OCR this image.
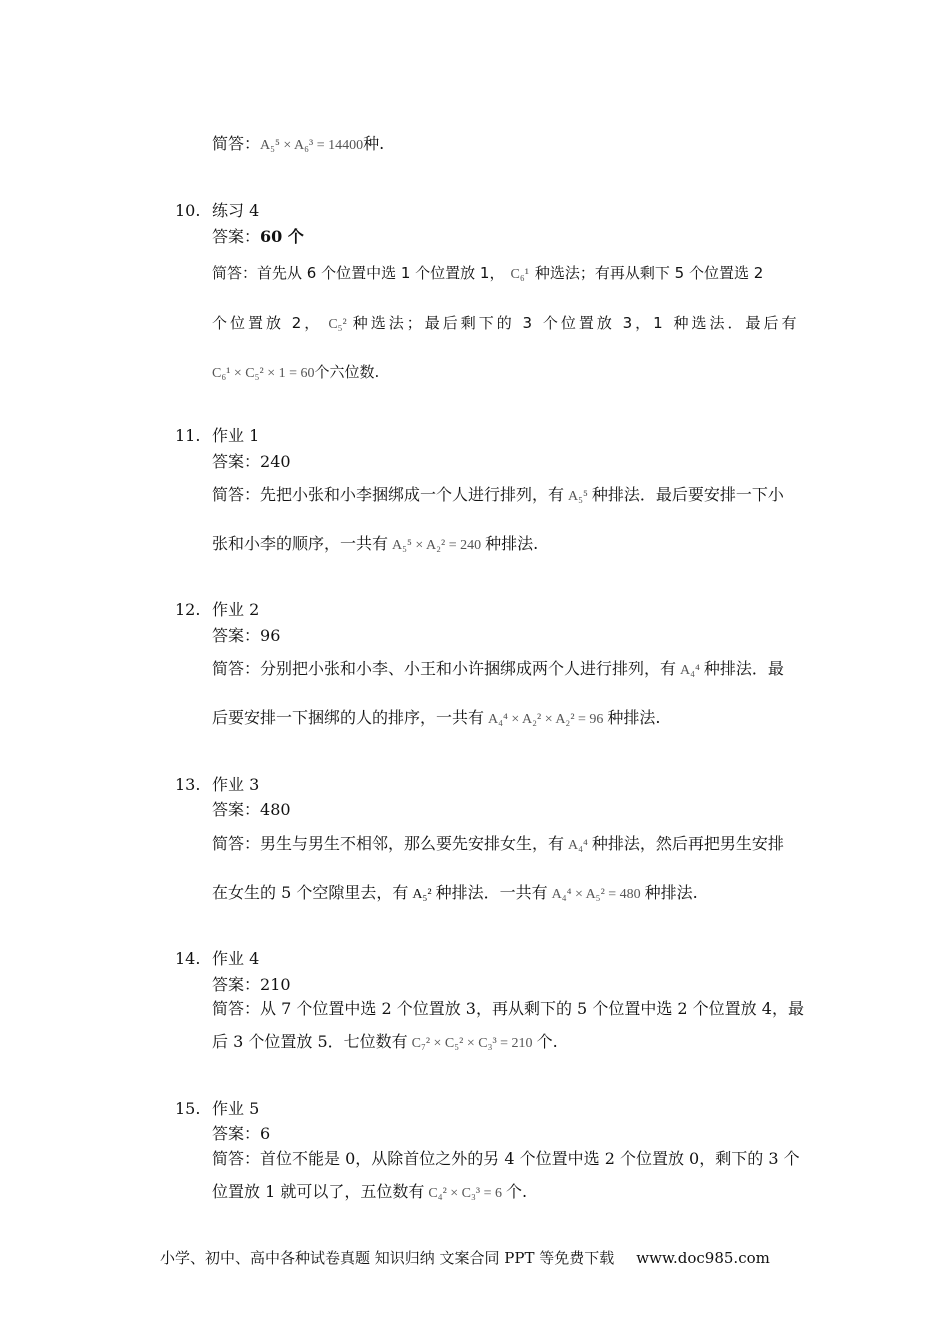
简答：A₅⁵ × A₆³ = 14400种.
10. 练习 4
答案：60 个
简答：首先从 6 个位置中选 1 个位置放 1， C₆¹ 种选法；有再从剩下 5 个位置选 2
个位置放 2， C₅² 种选法；最后剩下的 3 个位置放 3，1 种选法．最后有
C₆¹ × C₅² × 1 = 60个六位数.
11. 作业 1
答案：240
简答：先把小张和小李捆绑成一个人进行排列，有 A₅⁵ 种排法．最后要安排一下小
张和小李的顺序，一共有 A₅⁵ × A₂² = 240 种排法.
12. 作业 2
答案：96
简答：分别把小张和小李、小王和小许捆绑成两个人进行排列，有 A₄⁴ 种排法．最
后要安排一下捆绑的人的排序，一共有 A₄⁴ × A₂² × A₂² = 96 种排法.
13. 作业 3
答案：480
简答：男生与男生不相邻，那么要先安排女生，有 A₄⁴ 种排法，然后再把男生安排
在女生的 5 个空隙里去，有 A₅² 种排法．一共有 A₄⁴ × A₅² = 480 种排法.
14. 作业 4
答案：210
简答：从 7 个位置中选 2 个位置放 3，再从剩下的 5 个位置中选 2 个位置放 4，最
后 3 个位置放 5．七位数有 C₇² × C₅² × C₃³ = 210 个.
15. 作业 5
答案：6
简答：首位不能是 0，从除首位之外的另 4 个位置中选 2 个位置放 0，剩下的 3 个
位置放 1 就可以了，五位数有 C₄² × C₃³ = 6 个.
小学、初中、高中各种试卷真题 知识归纳 文案合同 PPT 等免费下载 www.doc985.com
